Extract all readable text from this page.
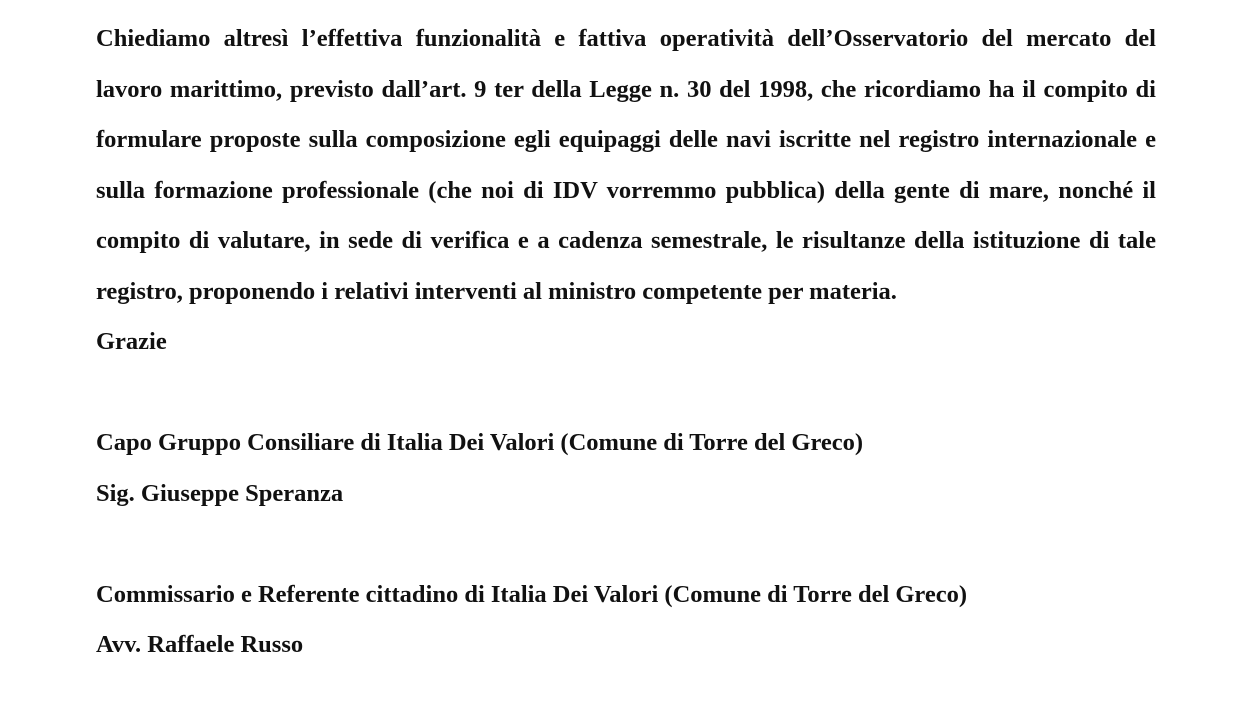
Chiediamo altresì l’effettiva funzionalità e fattiva operatività dell’Osservatorio del mercato del lavoro marittimo, previsto dall’art. 9 ter della Legge n. 30 del 1998, che ricordiamo ha il compito di formulare proposte sulla composizione egli equipaggi delle navi iscritte nel registro internazionale e sulla formazione professionale (che noi di IDV vorremmo pubblica) della gente di mare, nonché il compito di valutare, in sede di verifica e a cadenza semestrale, le risultanze della istituzione di tale registro, proponendo i relativi interventi al ministro competente per materia.

Grazie

Capo Gruppo Consiliare di Italia Dei Valori (Comune di Torre del Greco)

Sig. Giuseppe Speranza

Commissario e Referente cittadino di Italia Dei Valori (Comune di Torre del Greco)

Avv. Raffaele Russo
